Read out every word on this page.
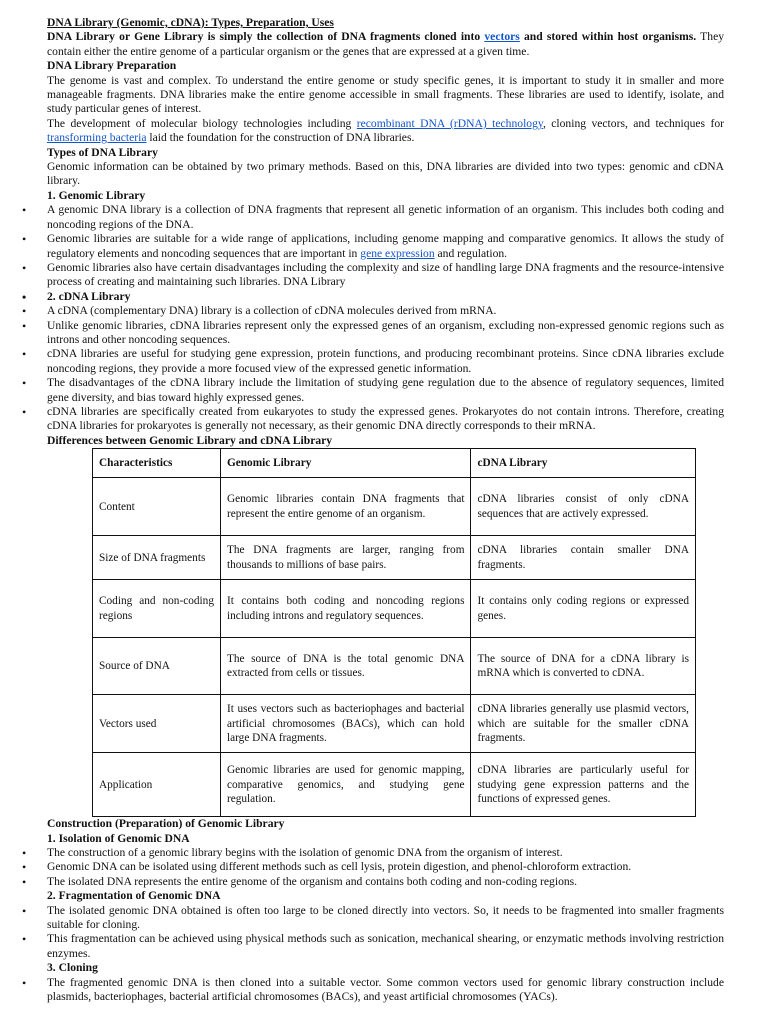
DNA Library (Genomic, cDNA): Types, Preparation, Uses

DNA Library or Gene Library is simply the collection of DNA fragments cloned into vectors and stored within host organisms. They contain either the entire genome of a particular organism or the genes that are expressed at a given time.

DNA Library Preparation

The genome is vast and complex. To understand the entire genome or study specific genes, it is important to study it in smaller and more manageable fragments. DNA libraries make the entire genome accessible in small fragments. These libraries are used to identify, isolate, and study particular genes of interest.

The development of molecular biology technologies including recombinant DNA (rDNA) technology, cloning vectors, and techniques for transforming bacteria laid the foundation for the construction of DNA libraries.

Types of DNA Library

Genomic information can be obtained by two primary methods. Based on this, DNA libraries are divided into two types: genomic and cDNA library.

1. Genomic Library

• A genomic DNA library is a collection of DNA fragments that represent all genetic information of an organism. This includes both coding and noncoding regions of the DNA.
• Genomic libraries are suitable for a wide range of applications, including genome mapping and comparative genomics. It allows the study of regulatory elements and noncoding sequences that are important in gene expression and regulation.
• Genomic libraries also have certain disadvantages including the complexity and size of handling large DNA fragments and the resource-intensive process of creating and maintaining such libraries. DNA Library
• 2. cDNA Library
• A cDNA (complementary DNA) library is a collection of cDNA molecules derived from mRNA.
• Unlike genomic libraries, cDNA libraries represent only the expressed genes of an organism, excluding non-expressed genomic regions such as introns and other noncoding sequences.
• cDNA libraries are useful for studying gene expression, protein functions, and producing recombinant proteins. Since cDNA libraries exclude noncoding regions, they provide a more focused view of the expressed genetic information.
• The disadvantages of the cDNA library include the limitation of studying gene regulation due to the absence of regulatory sequences, limited gene diversity, and bias toward highly expressed genes.
• cDNA libraries are specifically created from eukaryotes to study the expressed genes. Prokaryotes do not contain introns. Therefore, creating cDNA libraries for prokaryotes is generally not necessary, as their genomic DNA directly corresponds to their mRNA.

Differences between Genomic Library and cDNA Library

Characteristics	Genomic Library	cDNA Library

Content	Genomic libraries contain DNA fragments that represent the entire genome of an organism.	cDNA libraries consist of only cDNA sequences that are actively expressed.

Size of DNA fragments	The DNA fragments are larger, ranging from thousands to millions of base pairs.	cDNA libraries contain smaller DNA fragments.

Coding and non-coding regions	It contains both coding and noncoding regions including introns and regulatory sequences.	It contains only coding regions or expressed genes.

Source of DNA	The source of DNA is the total genomic DNA extracted from cells or tissues.	The source of DNA for a cDNA library is mRNA which is converted to cDNA.

Vectors used	It uses vectors such as bacteriophages and bacterial artificial chromosomes (BACs), which can hold large DNA fragments.	cDNA libraries generally use plasmid vectors, which are suitable for the smaller cDNA fragments.

Application	Genomic libraries are used for genomic mapping, comparative genomics, and studying gene regulation.	cDNA libraries are particularly useful for studying gene expression patterns and the functions of expressed genes.

Construction (Preparation) of Genomic Library

1. Isolation of Genomic DNA

• The construction of a genomic library begins with the isolation of genomic DNA from the organism of interest.
• Genomic DNA can be isolated using different methods such as cell lysis, protein digestion, and phenol-chloroform extraction.
• The isolated DNA represents the entire genome of the organism and contains both coding and non-coding regions.

2. Fragmentation of Genomic DNA

• The isolated genomic DNA obtained is often too large to be cloned directly into vectors. So, it needs to be fragmented into smaller fragments suitable for cloning.
• This fragmentation can be achieved using physical methods such as sonication, mechanical shearing, or enzymatic methods involving restriction enzymes.

3. Cloning

• The fragmented genomic DNA is then cloned into a suitable vector. Some common vectors used for genomic library construction include plasmids, bacteriophages, bacterial artificial chromosomes (BACs), and yeast artificial chromosomes (YACs).
